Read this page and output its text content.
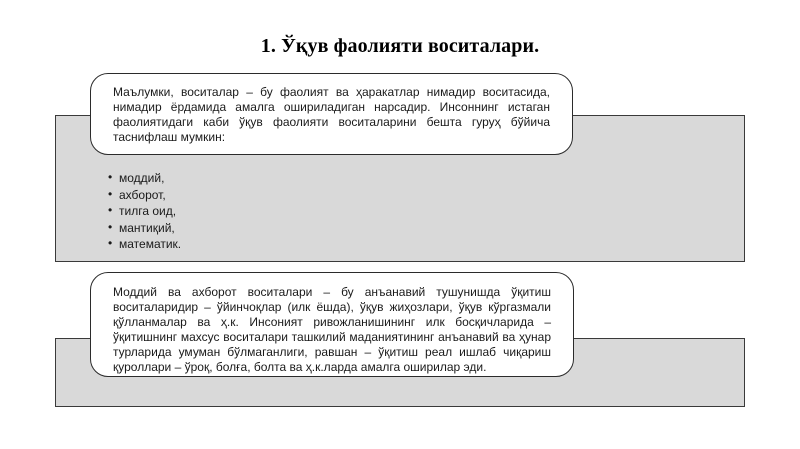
1. Ўқув фаолияти воситалари.
Маълумки, воситалар – бу фаолият ва ҳаракатлар нимадир воситасида, нимадир ёрдамида амалга ошириладиган нарсадир. Инсоннинг истаган фаолиятидаги каби ўқув фаолияти воситаларини бешта гуруҳ бўйича таснифлаш мумкин:
• моддий,
• ахборот,
• тилга оид,
• мантиқий,
• математик.
Моддий ва ахборот воситалари – бу анъанавий тушунишда ўқитиш воситаларидир – ўйинчоқлар (илк ёшда), ўқув жиҳозлари, ўқув кўргазмали қўлланмалар ва ҳ.к. Инсоният ривожланишининг илк босқичларида – ўқитишнинг махсус воситалари ташкилий маданиятининг анъанавий ва ҳунар турларида умуман бўлмаганлиги, равшан – ўқитиш реал ишлаб чиқариш қуроллари – ўроқ, болға, болта ва ҳ.к.ларда амалга оширилар эди.
